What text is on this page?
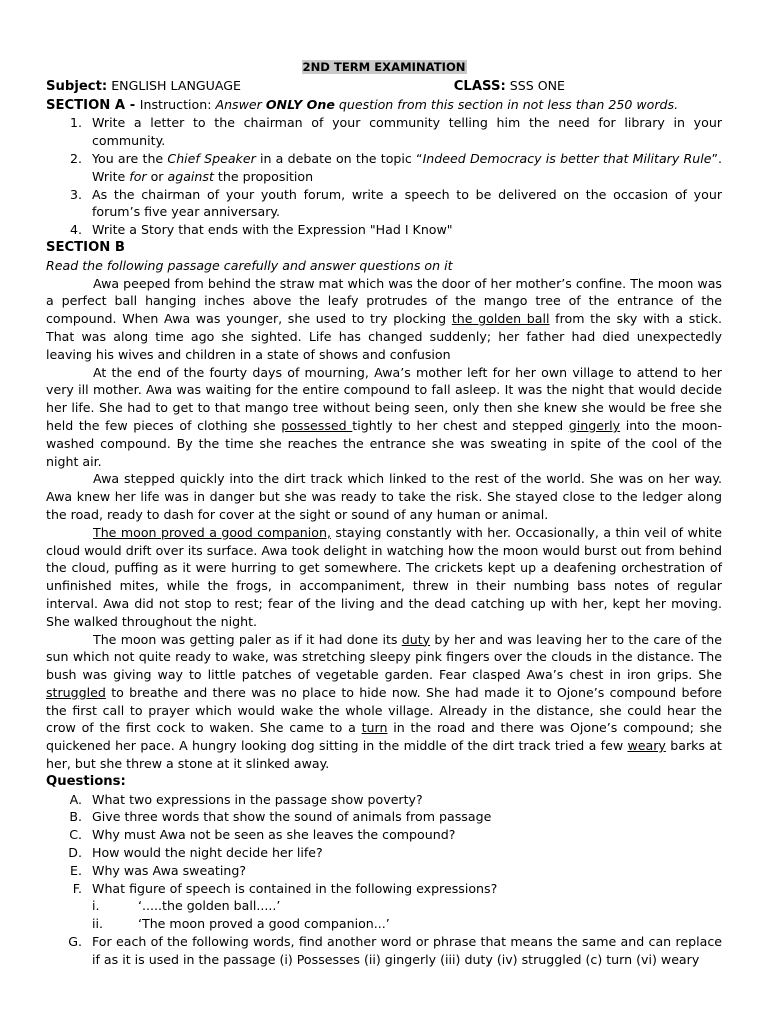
2ND TERM EXAMINATION
Subject: ENGLISH LANGUAGE	CLASS: SSS ONE
SECTION A - Instruction: Answer ONLY One question from this section in not less than 250 words.
1. Write a letter to the chairman of your community telling him the need for library in your community.
2. You are the Chief Speaker in a debate on the topic “Indeed Democracy is better that Military Rule”. Write for or against the proposition
3. As the chairman of your youth forum, write a speech to be delivered on the occasion of your forum’s five year anniversary.
4. Write a Story that ends with the Expression "Had I Know"
SECTION B
Read the following passage carefully and answer questions on it

Awa peeped from behind the straw mat which was the door of her mother’s confine. The moon was a perfect ball hanging inches above the leafy protrudes of the mango tree of the entrance of the compound. When Awa was younger, she used to try plocking the golden ball from the sky with a stick. That was along time ago she sighted. Life has changed suddenly; her father had died unexpectedly leaving his wives and children in a state of shows and confusion

At the end of the fourty days of mourning, Awa’s mother left for her own village to attend to her very ill mother. Awa was waiting for the entire compound to fall asleep. It was the night that would decide her life. She had to get to that mango tree without being seen, only then she knew she would be free she held the few pieces of clothing she possessed tightly to her chest and stepped gingerly into the moon-washed compound. By the time she reaches the entrance she was sweating in spite of the cool of the night air.

Awa stepped quickly into the dirt track which linked to the rest of the world. She was on her way. Awa knew her life was in danger but she was ready to take the risk. She stayed close to the ledger along the road, ready to dash for cover at the sight or sound of any human or animal.

The moon proved a good companion, staying constantly with her. Occasionally, a thin veil of white cloud would drift over its surface. Awa took delight in watching how the moon would burst out from behind the cloud, puffing as it were hurring to get somewhere. The crickets kept up a deafening orchestration of unfinished mites, while the frogs, in accompaniment, threw in their numbing bass notes of regular interval. Awa did not stop to rest; fear of the living and the dead catching up with her, kept her moving. She walked throughout the night.

The moon was getting paler as if it had done its duty by her and was leaving her to the care of the sun which not quite ready to wake, was stretching sleepy pink fingers over the clouds in the distance. The bush was giving way to little patches of vegetable garden. Fear clasped Awa’s chest in iron grips. She struggled to breathe and there was no place to hide now. She had made it to Ojone’s compound before the first call to prayer which would wake the whole village. Already in the distance, she could hear the crow of the first cock to waken. She came to a turn in the road and there was Ojone’s compound; she quickened her pace. A hungry looking dog sitting in the middle of the dirt track tried a few weary barks at her, but she threw a stone at it slinked away.

Questions:
A. What two expressions in the passage show poverty?
B. Give three words that show the sound of animals from passage
C. Why must Awa not be seen as she leaves the compound?
D. How would the night decide her life?
E. Why was Awa sweating?
F. What figure of speech is contained in the following expressions?
i.	‘.....the golden ball.....’
ii.	‘The moon proved a good companion...’
G. For each of the following words, find another word or phrase that means the same and can replace if as it is used in the passage (i) Possesses (ii) gingerly (iii) duty (iv) struggled (c) turn (vi) weary
